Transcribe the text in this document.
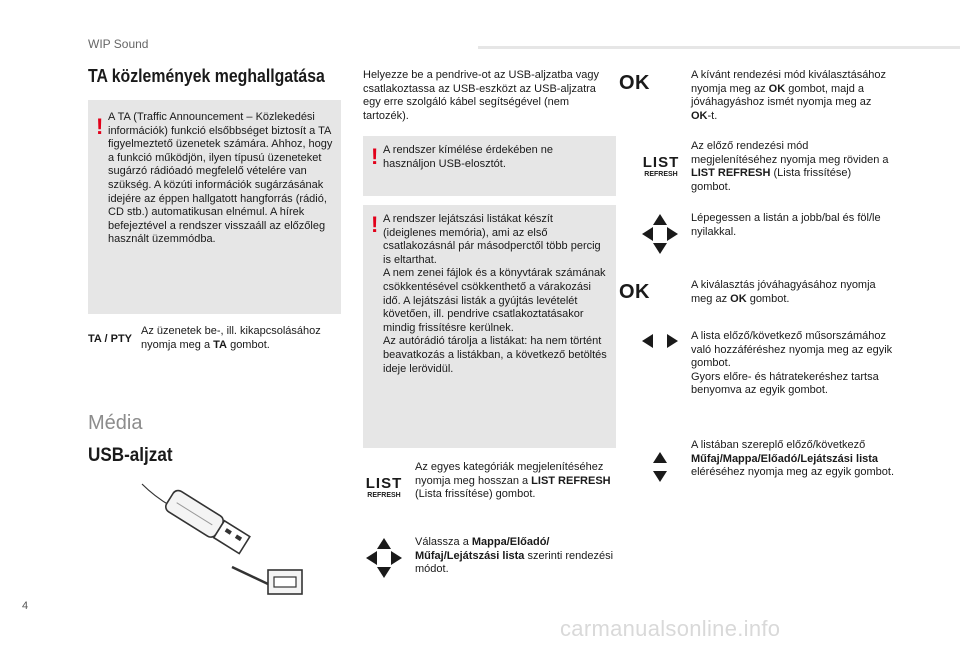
WIP Sound
4
carmanualsonline.info
TA közlemények meghallgatása
! A TA (Traffic Announcement – Közlekedési információk) funkció elsőbbséget biztosít a TA figyelmeztető üzenetek számára. Ahhoz, hogy a funkció működjön, ilyen típusú üzeneteket sugárzó rádióadó megfelelő vételére van szükség. A közúti információk sugárzásának idejére az éppen hallgatott hangforrás (rádió, CD stb.) automatikusan elnémul. A hírek befejeztével a rendszer visszaáll az előzőleg használt üzemmódba.
TA / PTY
Az üzenetek be-, ill. kikapcsolásához nyomja meg a TA gombot.
Média
USB-aljzat
Helyezze be a pendrive-ot az USB-aljzatba vagy csatlakoztassa az USB-eszközt az USB-aljzatra egy erre szolgáló kábel segítségével (nem tartozék).
! A rendszer kímélése érdekében ne használjon USB-elosztót.
! A rendszer lejátszási listákat készít (ideiglenes memória), ami az első csatlakozásnál pár másodperctől több percig is eltarthat.
A nem zenei fájlok és a könyvtárak számának csökkentésével csökkenthető a várakozási idő. A lejátszási listák a gyújtás levételét követően, ill. pendrive csatlakoztatásakor mindig frissítésre kerülnek.
Az autórádió tárolja a listákat: ha nem történt beavatkozás a listákban, a következő betöltés ideje lerövidül.
LIST
REFRESH
Az egyes kategóriák megjelenítéséhez nyomja meg hosszan a LIST REFRESH (Lista frissítése) gombot.
Válassza a Mappa/Előadó/ Műfaj/Lejátszási lista szerinti rendezési módot.
OK	A kívánt rendezési mód kiválasztásához nyomja meg az OK gombot, majd a jóváhagyáshoz ismét nyomja meg az OK-t.
LIST
REFRESH
Az előző rendezési mód megjelenítéséhez nyomja meg röviden a LIST REFRESH (Lista frissítése) gombot.
Lépegessen a listán a jobb/bal és föl/le nyilakkal.
OK	A kiválasztás jóváhagyásához nyomja meg az OK gombot.
A lista előző/következő műsorszámához való hozzáféréshez nyomja meg az egyik gombot.
Gyors előre- és hátratekeréshez tartsa benyomva az egyik gombot.
A listában szereplő előző/következő Műfaj/Mappa/Előadó/Lejátszási lista eléréséhez nyomja meg az egyik gombot.
